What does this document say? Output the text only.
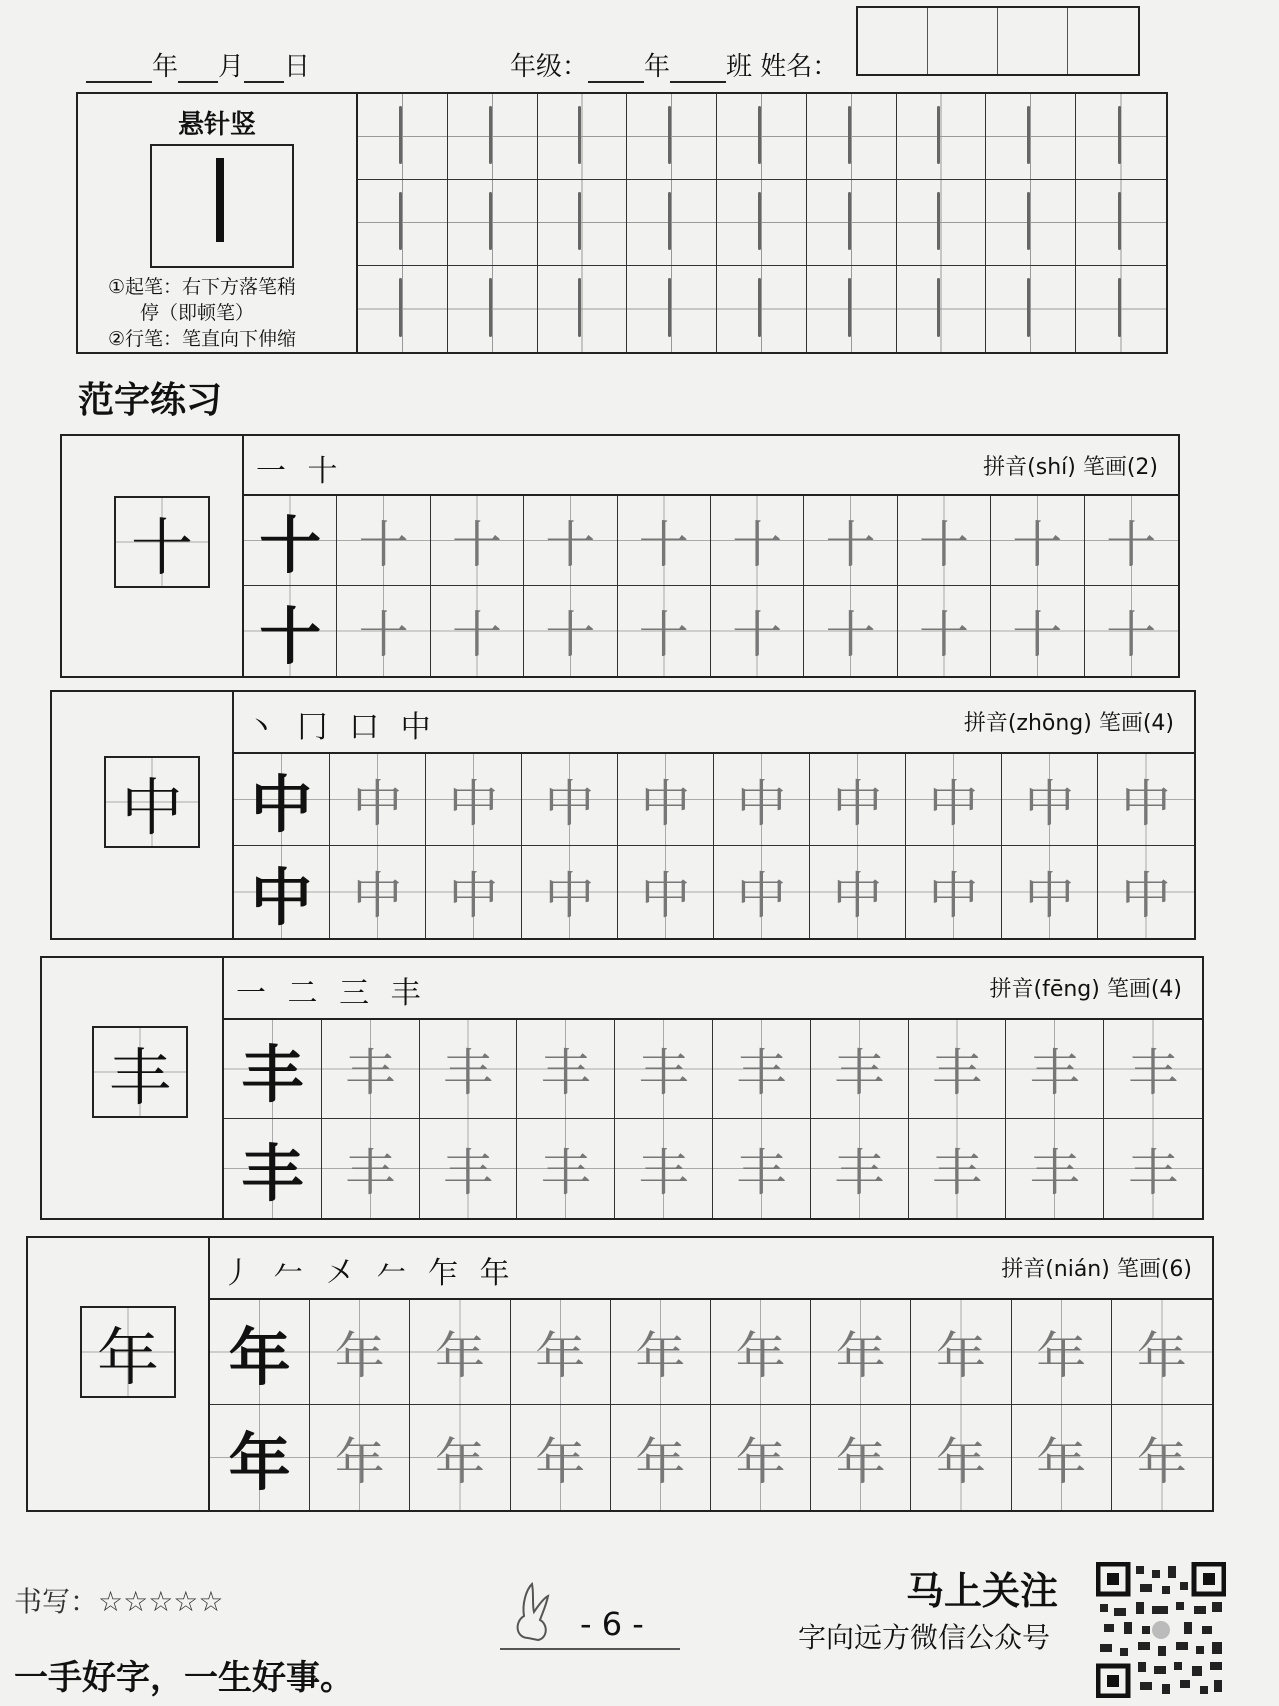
年 月 日	年级： 年 班 姓名：
悬针竖
①起笔：右下方落笔稍
停（即顿笔）
②行笔：笔直向下伸缩
范字练习
十
一 十	拼音(shí) 笔画(2)
十 十 十 十 十 十 十 十 十 十
十 十 十 十 十 十 十 十 十 十
中
丶 冂 口 中	拼音(zhōng) 笔画(4)
中 中 中 中 中 中 中 中 中 中
中 中 中 中 中 中 中 中 中 中
丰
一 二 三 丰	拼音(fēng) 笔画(4)
丰 丰 丰 丰 丰 丰 丰 丰 丰 丰
丰 丰 丰 丰 丰 丰 丰 丰 丰 丰
年
丿 𠂉 㐅 𠂉 乍 年	拼音(nián) 笔画(6)
年 年	年	年	年	年	年	年	年	年
年 年	年	年	年	年	年	年	年	年
书写：☆☆☆☆☆
- 6 -
马上关注
字向远方微信公众号
一手好字，一生好事。
